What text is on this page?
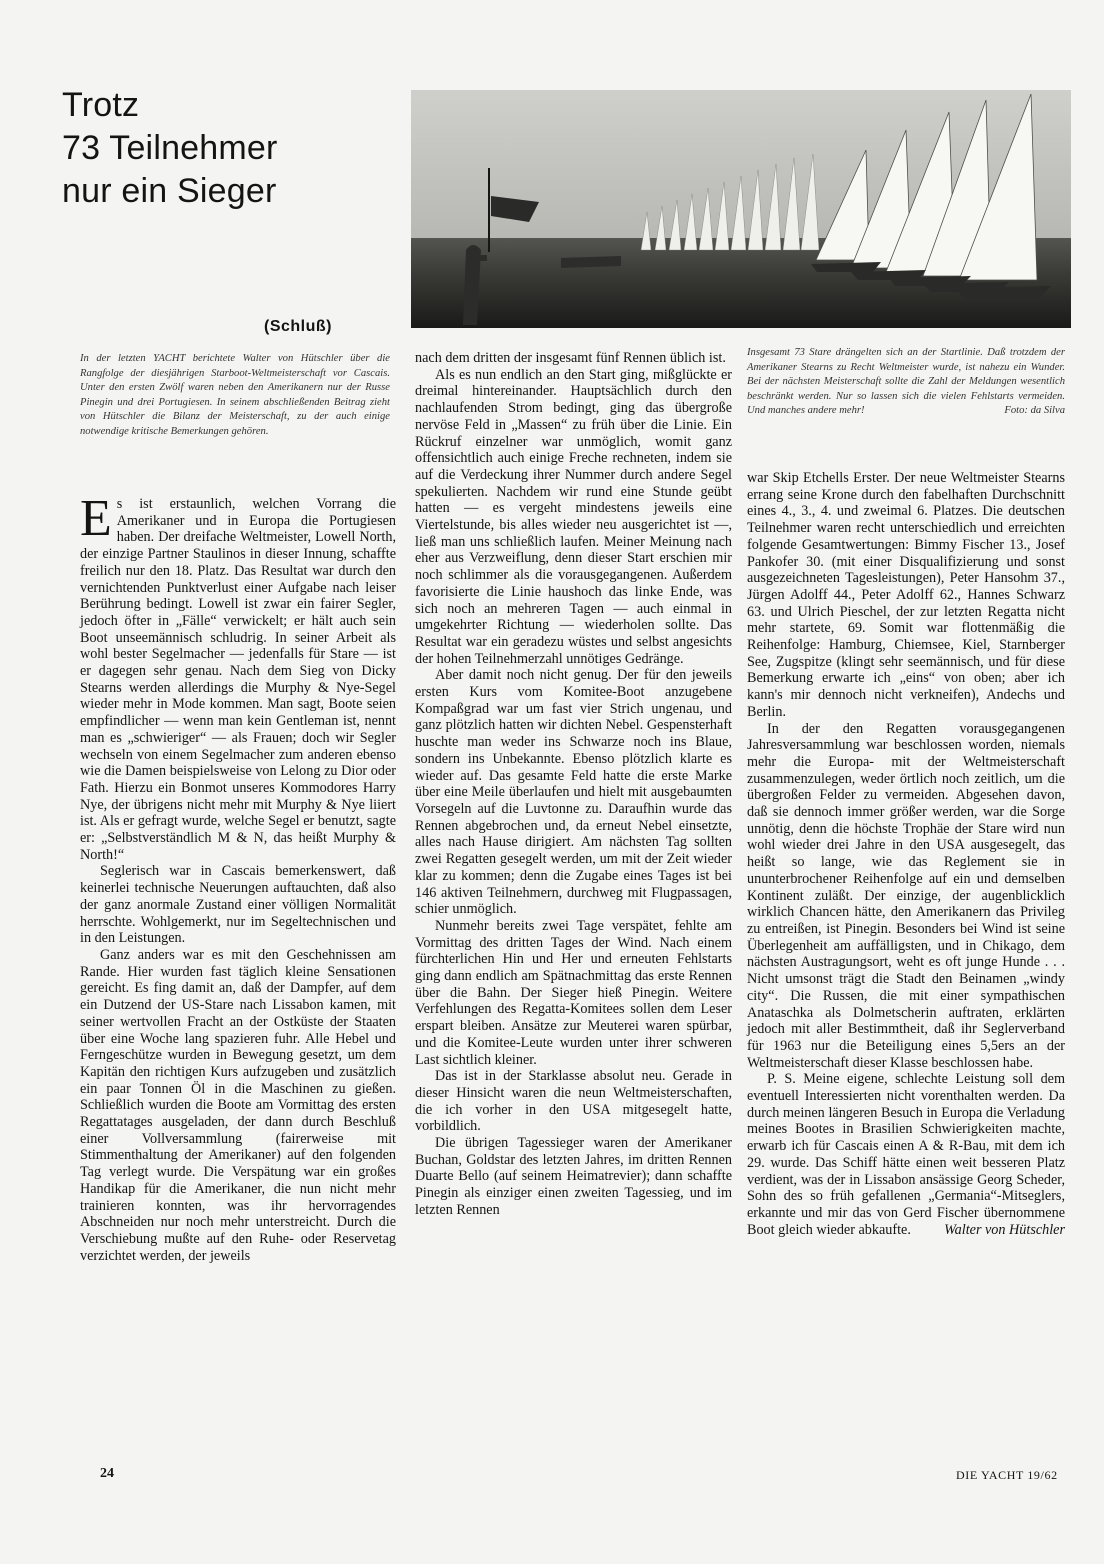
Trotz
73 Teilnehmer
nur ein Sieger
(Schluß)

In der letzten YACHT berichtete Walter von Hütschler über die Rangfolge der diesjährigen Starboot-Weltmeisterschaft vor Cascais. Unter den ersten Zwölf waren neben den Amerikanern nur der Russe Pinegin und drei Portugiesen. In seinem abschließenden Beitrag zieht von Hütschler die Bilanz der Meisterschaft, zu der auch einige notwendige kritische Bemerkungen gehören.

Insgesamt 73 Stare drängelten sich an der Startlinie. Daß trotzdem der Amerikaner Stearns zu Recht Weltmeister wurde, ist nahezu ein Wunder. Bei der nächsten Meisterschaft sollte die Zahl der Meldungen wesentlich beschränkt werden. Nur so lassen sich die vielen Fehlstarts vermeiden. Und manches andere mehr!	Foto: da Silva

Es ist erstaunlich, welchen Vorrang die Amerikaner und in Europa die Portugiesen haben. Der dreifache Weltmeister, Lowell North, der einzige Partner Staulinos in dieser Innung, schaffte freilich nur den 18. Platz. Das Resultat war durch den vernichtenden Punktverlust einer Aufgabe nach leiser Berührung bedingt. Lowell ist zwar ein fairer Segler, jedoch öfter in „Fälle“ verwickelt; er hält auch sein Boot unseemännisch schludrig. In seiner Arbeit als wohl bester Segelmacher — jedenfalls für Stare — ist er dagegen sehr genau. Nach dem Sieg von Dicky Stearns werden allerdings die Murphy & Nye-Segel wieder mehr in Mode kommen. Man sagt, Boote seien empfindlicher — wenn man kein Gentleman ist, nennt man es „schwieriger“ — als Frauen; doch wir Segler wechseln von einem Segelmacher zum anderen ebenso wie die Damen beispielsweise von Lelong zu Dior oder Fath. Hierzu ein Bonmot unseres Kommodores Harry Nye, der übrigens nicht mehr mit Murphy & Nye liiert ist. Als er gefragt wurde, welche Segel er benutzt, sagte er: „Selbstverständlich M & N, das heißt Murphy & North!“

Seglerisch war in Cascais bemerkenswert, daß keinerlei technische Neuerungen auftauchten, daß also der ganz anormale Zustand einer völligen Normalität herrschte. Wohlgemerkt, nur im Segeltechnischen und in den Leistungen.

Ganz anders war es mit den Geschehnissen am Rande. Hier wurden fast täglich kleine Sensationen gereicht. Es fing damit an, daß der Dampfer, auf dem ein Dutzend der US-Stare nach Lissabon kamen, mit seiner wertvollen Fracht an der Ostküste der Staaten über eine Woche lang spazieren fuhr. Alle Hebel und Ferngeschütze wurden in Bewegung gesetzt, um dem Kapitän den richtigen Kurs aufzugeben und zusätzlich ein paar Tonnen Öl in die Maschinen zu gießen. Schließlich wurden die Boote am Vormittag des ersten Regattatages ausgeladen, der dann durch Beschluß einer Vollversammlung (fairerweise mit Stimmenthaltung der Amerikaner) auf den folgenden Tag verlegt wurde. Die Verspätung war ein großes Handikap für die Amerikaner, die nun nicht mehr trainieren konnten, was ihr hervorragendes Abschneiden nur noch mehr unterstreicht. Durch die Verschiebung mußte auf den Ruhe- oder Reservetag verzichtet werden, der jeweils

nach dem dritten der insgesamt fünf Rennen üblich ist.

Als es nun endlich an den Start ging, mißglückte er dreimal hintereinander. Hauptsächlich durch den nachlaufenden Strom bedingt, ging das übergroße nervöse Feld in „Massen“ zu früh über die Linie. Ein Rückruf einzelner war unmöglich, womit ganz offensichtlich auch einige Freche rechneten, indem sie auf die Verdeckung ihrer Nummer durch andere Segel spekulierten. Nachdem wir rund eine Stunde geübt hatten — es vergeht mindestens jeweils eine Viertelstunde, bis alles wieder neu ausgerichtet ist —, ließ man uns schließlich laufen. Meiner Meinung nach eher aus Verzweiflung, denn dieser Start erschien mir noch schlimmer als die vorausgegangenen. Außerdem favorisierte die Linie haushoch das linke Ende, was sich noch an mehreren Tagen — auch einmal in umgekehrter Richtung — wiederholen sollte. Das Resultat war ein geradezu wüstes und selbst angesichts der hohen Teilnehmerzahl unnötiges Gedränge.

Aber damit noch nicht genug. Der für den jeweils ersten Kurs vom Komitee-Boot anzugebene Kompaßgrad war um fast vier Strich ungenau, und ganz plötzlich hatten wir dichten Nebel. Gespensterhaft huschte man weder ins Schwarze noch ins Blaue, sondern ins Unbekannte. Ebenso plötzlich klarte es wieder auf. Das gesamte Feld hatte die erste Marke über eine Meile überlaufen und hielt mit ausgebaumten Vorsegeln auf die Luvtonne zu. Daraufhin wurde das Rennen abgebrochen und, da erneut Nebel einsetzte, alles nach Hause dirigiert. Am nächsten Tag sollten zwei Regatten gesegelt werden, um mit der Zeit wieder klar zu kommen; denn die Zugabe eines Tages ist bei 146 aktiven Teilnehmern, durchweg mit Flugpassagen, schier unmöglich.

Nunmehr bereits zwei Tage verspätet, fehlte am Vormittag des dritten Tages der Wind. Nach einem fürchterlichen Hin und Her und erneuten Fehlstarts ging dann endlich am Spätnachmittag das erste Rennen über die Bahn. Der Sieger hieß Pinegin. Weitere Verfehlungen des Regatta-Komitees sollen dem Leser erspart bleiben. Ansätze zur Meuterei waren spürbar, und die Komitee-Leute wurden unter ihrer schweren Last sichtlich kleiner.

Das ist in der Starklasse absolut neu. Gerade in dieser Hinsicht waren die neun Weltmeisterschaften, die ich vorher in den USA mitgesegelt hatte, vorbildlich.

Die übrigen Tagessieger waren der Amerikaner Buchan, Goldstar des letzten Jahres, im dritten Rennen Duarte Bello (auf seinem Heimatrevier); dann schaffte Pinegin als einziger einen zweiten Tagessieg, und im letzten Rennen

war Skip Etchells Erster. Der neue Weltmeister Stearns errang seine Krone durch den fabelhaften Durchschnitt eines 4., 3., 4. und zweimal 6. Platzes. Die deutschen Teilnehmer waren recht unterschiedlich und erreichten folgende Gesamtwertungen: Bimmy Fischer 13., Josef Pankofer 30. (mit einer Disqualifizierung und sonst ausgezeichneten Tagesleistungen), Peter Hansohm 37., Jürgen Adolff 44., Peter Adolff 62., Hannes Schwarz 63. und Ulrich Pieschel, der zur letzten Regatta nicht mehr startete, 69. Somit war flottenmäßig die Reihenfolge: Hamburg, Chiemsee, Kiel, Starnberger See, Zugspitze (klingt sehr seemännisch, und für diese Bemerkung erwarte ich „eins“ von oben; aber ich kann's mir dennoch nicht verkneifen), Andechs und Berlin.

In der den Regatten vorausgegangenen Jahresversammlung war beschlossen worden, niemals mehr die Europa- mit der Weltmeisterschaft zusammenzulegen, weder örtlich noch zeitlich, um die übergroßen Felder zu vermeiden. Abgesehen davon, daß sie dennoch immer größer werden, war die Sorge unnötig, denn die höchste Trophäe der Stare wird nun wohl wieder drei Jahre in den USA ausgesegelt, das heißt so lange, wie das Reglement sie in ununterbrochener Reihenfolge auf ein und demselben Kontinent zuläßt. Der einzige, der augenblicklich wirklich Chancen hätte, den Amerikanern das Privileg zu entreißen, ist Pinegin. Besonders bei Wind ist seine Überlegenheit am auffälligsten, und in Chikago, dem nächsten Austragungsort, weht es oft junge Hunde . . . Nicht umsonst trägt die Stadt den Beinamen „windy city“. Die Russen, die mit einer sympathischen Anataschka als Dolmetscherin auftraten, erklärten jedoch mit aller Bestimmtheit, daß ihr Seglerverband für 1963 nur die Beteiligung eines 5,5ers an der Weltmeisterschaft dieser Klasse beschlossen habe.

P. S. Meine eigene, schlechte Leistung soll dem eventuell Interessierten nicht vorenthalten werden. Da durch meinen längeren Besuch in Europa die Verladung meines Bootes in Brasilien Schwierigkeiten machte, erwarb ich für Cascais einen A & R-Bau, mit dem ich 29. wurde. Das Schiff hätte einen weit besseren Platz verdient, was der in Lissabon ansässige Georg Scheder, Sohn des so früh gefallenen „Germania“-Mitseglers, erkannte und mir das von Gerd Fischer übernommene Boot gleich wieder abkaufte.	Walter von Hütschler

24	DIE YACHT 19/62
